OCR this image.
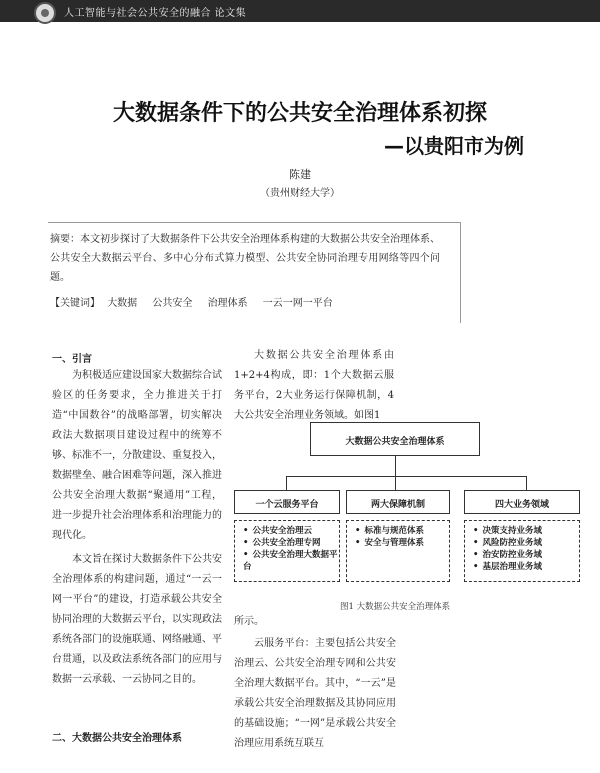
人工智能与社会公共安全的融合 论文集
大数据条件下的公共安全治理体系初探
—以贵阳市为例
陈建
（贵州财经大学）
摘要：本文初步探讨了大数据条件下公共安全治理体系构建的大数据公共安全治理体系、公共安全大数据云平台、多中心分布式算力模型、公共安全协同治理专用网络等四个问题。
【关键词】 大数据 公共安全 治理体系 一云一网一平台
一、引言

为积极适应建设国家大数据综合试验区的任务要求，全力推进关于打造“中国数谷”的战略部署，切实解决政法大数据项目建设过程中的统筹不够、标准不一，分散建设、重复投入，数据壁垒、融合困难等问题，深入推进公共安全治理大数据“聚通用”工程，进一步提升社会治理体系和治理能力的现代化。

本文旨在探讨大数据条件下公共安全治理体系的构建问题，通过“一云一网一平台”的建设，打造承载公共安全协同治理的大数据云平台，以实现政法系统各部门的设施联通、网络融通、平台贯通，以及政法系统各部门的应用与数据一云承载、一云协同之目的。

二、大数据公共安全治理体系

大数据公共安全治理体系由1+2+4构成，即：1个大数据云服务平台，2大业务运行保障机制，4大公共安全治理业务领域。如图1

大数据公共安全治理体系
一个云服务平台	两大保障机制	四大业务领域
• 公共安全治理云
• 公共安全治理专网
• 公共安全治理大数据平台
• 标准与规范体系
• 安全与管理体系
• 决策支持业务域
• 风险防控业务域
• 治安防控业务域
• 基层治理业务域
图1 大数据公共安全治理体系

所示。

云服务平台：主要包括公共安全治理云、公共安全治理专网和公共安全治理大数据平台。其中，“一云”是承载公共安全治理数据及其协同应用的基础设施；“一网”是承载公共安全治理应用系统互联互
